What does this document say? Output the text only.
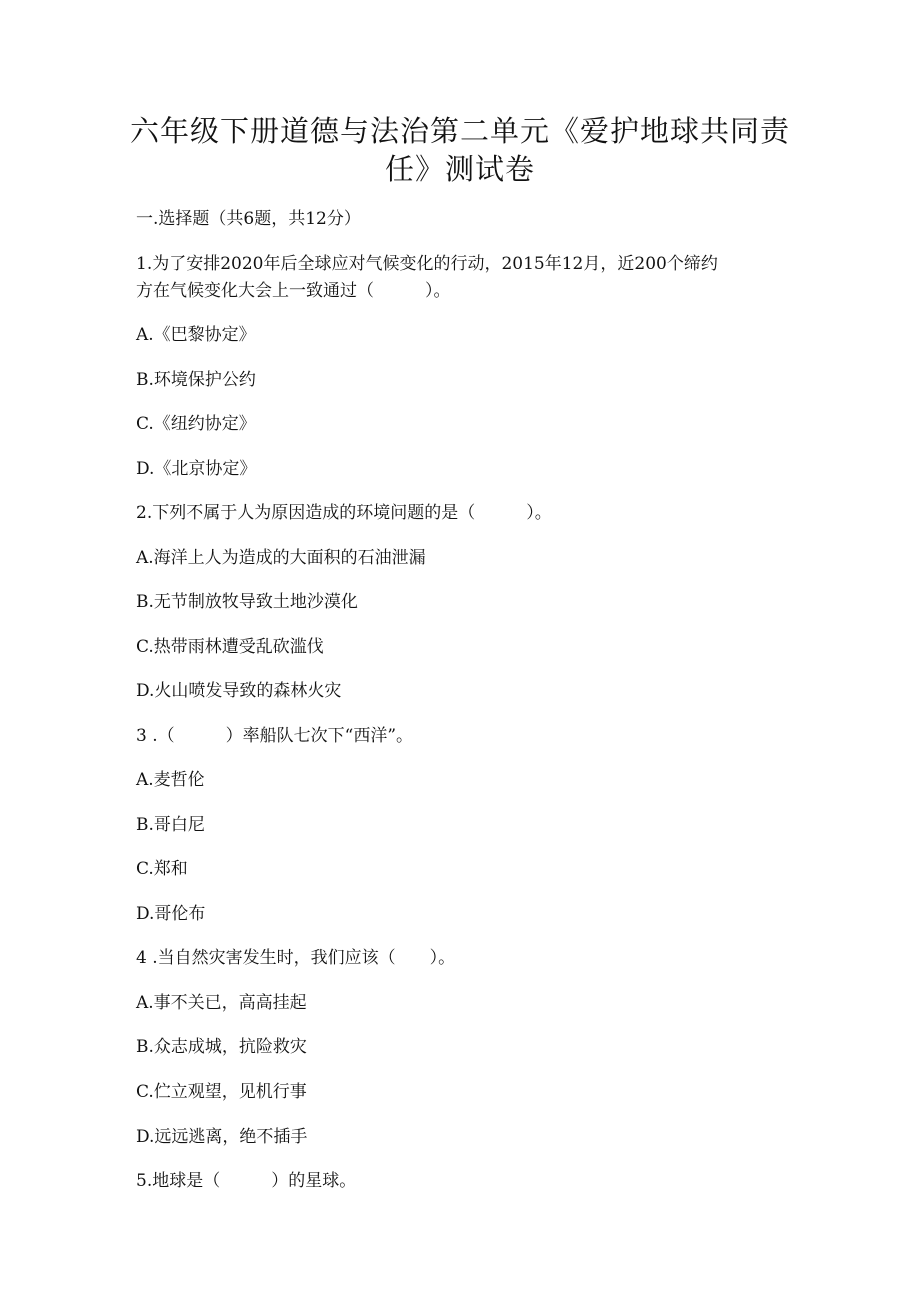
六年级下册道德与法治第二单元《爱护地球共同责
任》测试卷
一.选择题（共6题，共12分）
1.为了安排2020年后全球应对气候变化的行动，2015年12月，近200个缔约
方在气候变化大会上一致通过（　　　）。
A.《巴黎协定》
B.环境保护公约
C.《纽约协定》
D.《北京协定》
2.下列不属于人为原因造成的环境问题的是（　　　）。
A.海洋上人为造成的大面积的石油泄漏
B.无节制放牧导致土地沙漠化
C.热带雨林遭受乱砍滥伐
D.火山喷发导致的森林火灾
3 .（　　　）率船队七次下“西洋”。
A.麦哲伦
B.哥白尼
C.郑和
D.哥伦布
4 .当自然灾害发生时，我们应该（　　）。
A.事不关已，高高挂起
B.众志成城，抗险救灾
C.伫立观望，见机行事
D.远远逃离，绝不插手
5.地球是（　　　）的星球。
